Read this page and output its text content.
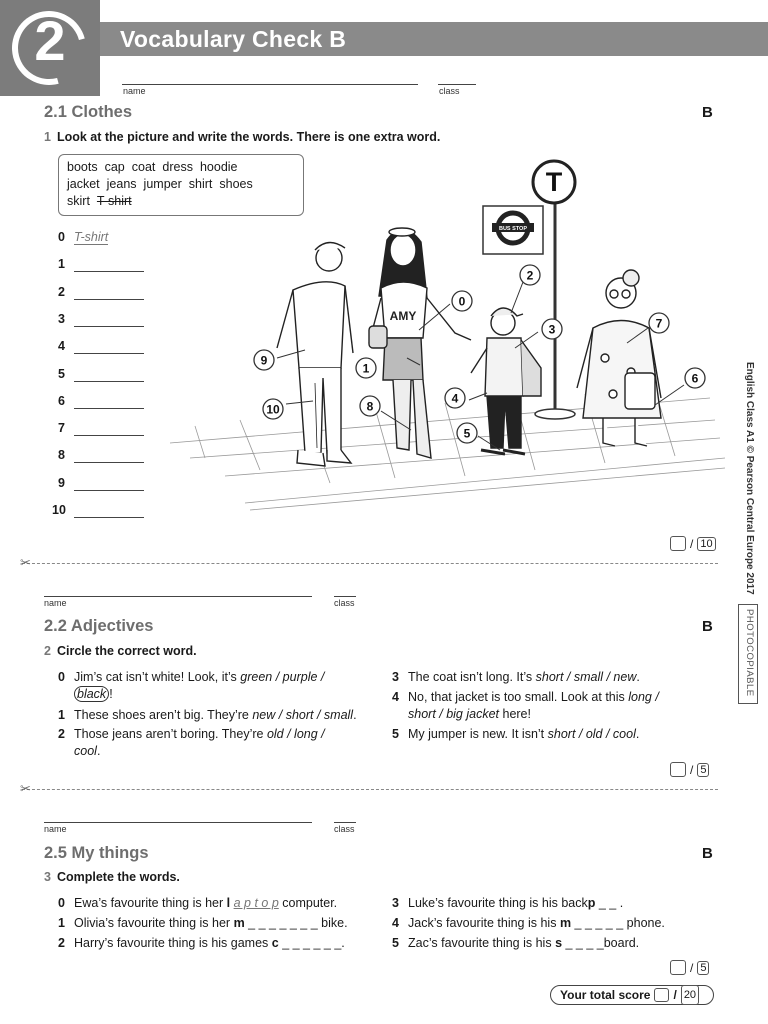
Vocabulary Check B
2
name	class
2.1 Clothes	B
1 Look at the picture and write the words. There is one extra word.
boots cap coat dress hoodie
jacket jeans jumper shirt shoes
skirt T-shirt
0 T-shirt
1
2
3
4
5
6
7
8
9
10
T
BUS STOP
AMY
0
1
2
3
4
5
6
7
8
9
10
/ 10
✂	English Class A1 © Pearson Central Europe 2017
PHOTOCOPIABLE
name	class
2.2 Adjectives	B
2 Circle the correct word.
0 Jim’s cat isn’t white! Look, it’s green / purple /
black !
1 These shoes aren’t big. They’re new / short / small.
2 Those jeans aren’t boring. They’re old / long /
cool.
3 The coat isn’t long. It’s short / small / new.
4 No, that jacket is too small. Look at this long /
short / big jacket here!
5 My jumper is new. It isn’t short / old / cool.
/ 5
✂
name	class
2.5 My things	B
3 Complete the words.
0 Ewa’s favourite thing is her l a p t o p computer.
1 Olivia’s favourite thing is her m _ _ _ _ _ _ _ bike.
2 Harry’s favourite thing is his games c _ _ _ _ _ _.
3 Luke’s favourite thing is his backp _ _ .
4 Jack’s favourite thing is his m _ _ _ _ _ phone.
5 Zac’s favourite thing is his s _ _ _ _board.
/ 5
Your total score / 20
